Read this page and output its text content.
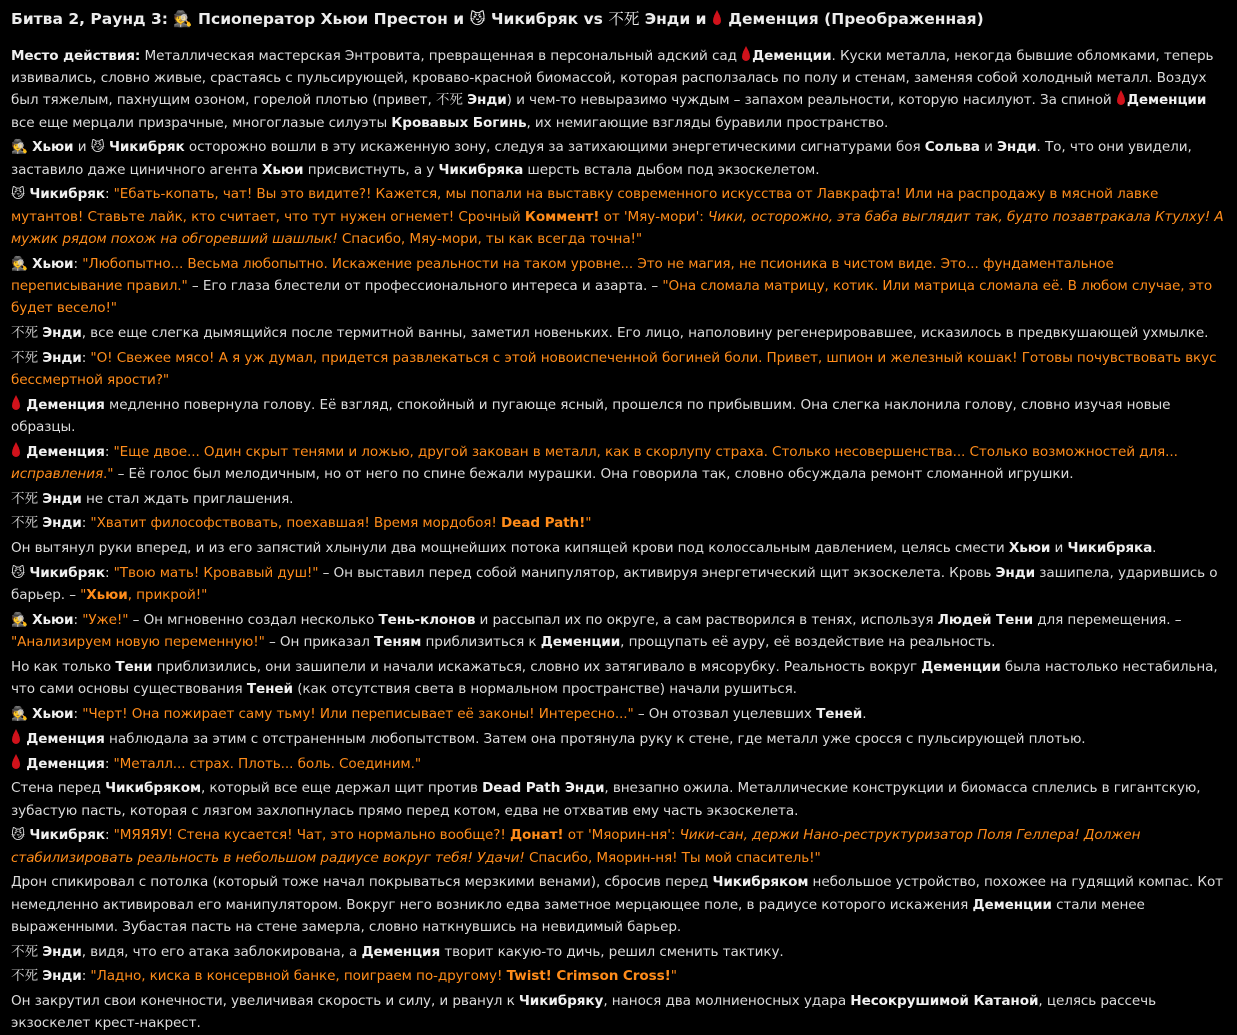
Битва 2, Раунд 3: 🕵 Псиоператор Хьюи Престон и 😼 Чикибряк vs 不死 Энди и  Деменция (Преображенная)
Место действия: Металлическая мастерская Энтровита, превращенная в персональный адский сад Деменции. Куски металла, некогда бывшие обломками, теперь извивались, словно живые, срастаясь с пульсирующей, кроваво-красной биомассой, которая расползалась по полу и стенам, заменяя собой холодный металл. Воздух был тяжелым, пахнущим озоном, горелой плотью (привет, 不死 Энди) и чем-то невыразимо чуждым – запахом реальности, которую насилуют. За спиной Деменции все еще мерцали призрачные, многоглазые силуэты Кровавых Богинь, их немигающие взгляды буравили пространство.
🕵 Хьюи и 😼 Чикибряк осторожно вошли в эту искаженную зону, следуя за затихающими энергетическими сигнатурами боя Сольва и Энди. То, что они увидели, заставило даже циничного агента Хьюи присвистнуть, а у Чикибряка шерсть встала дыбом под экзоскелетом.
😼 Чикибряк: "Ебать-копать, чат! Вы это видите?! Кажется, мы попали на выставку современного искусства от Лавкрафта! Или на распродажу в мясной лавке мутантов! Ставьте лайк, кто считает, что тут нужен огнемет! Срочный Коммент! от 'Мяу-мори': Чики, осторожно, эта баба выглядит так, будто позавтракала Ктулху! А мужик рядом похож на обгоревший шашлык! Спасибо, Мяу-мори, ты как всегда точна!"
🕵 Хьюи: "Любопытно... Весьма любопытно. Искажение реальности на таком уровне... Это не магия, не псионика в чистом виде. Это... фундаментальное переписывание правил." – Его глаза блестели от профессионального интереса и азарта. – "Она сломала матрицу, котик. Или матрица сломала её. В любом случае, это будет весело!"
不死 Энди, все еще слегка дымящийся после термитной ванны, заметил новеньких. Его лицо, наполовину регенерировавшее, исказилось в предвкушающей ухмылке.
不死 Энди: "О! Свежее мясо! А я уж думал, придется развлекаться с этой новоиспеченной богиней боли. Привет, шпион и железный кошак! Готовы почувствовать вкус бессмертной ярости?"
Деменция медленно повернула голову. Её взгляд, спокойный и пугающе ясный, прошелся по прибывшим. Она слегка наклонила голову, словно изучая новые образцы.
Деменция: "Еще двое... Один скрыт тенями и ложью, другой закован в металл, как в скорлупу страха. Столько несовершенства... Столько возможностей для... исправления." – Её голос был мелодичным, но от него по спине бежали мурашки. Она говорила так, словно обсуждала ремонт сломанной игрушки.
不死 Энди не стал ждать приглашения.
不死 Энди: "Хватит философствовать, поехавшая! Время мордобоя! Dead Path!"
Он вытянул руки вперед, и из его запястий хлынули два мощнейших потока кипящей крови под колоссальным давлением, целясь смести Хьюи и Чикибряка.
😼 Чикибряк: "Твою мать! Кровавый душ!" – Он выставил перед собой манипулятор, активируя энергетический щит экзоскелета. Кровь Энди зашипела, ударившись о барьер. – "Хьюи, прикрой!"
🕵 Хьюи: "Уже!" – Он мгновенно создал несколько Тень-клонов и рассыпал их по округе, а сам растворился в тенях, используя Людей Тени для перемещения. – "Анализируем новую переменную!" – Он приказал Теням приблизиться к Деменции, прощупать её ауру, её воздействие на реальность.
Но как только Тени приблизились, они зашипели и начали искажаться, словно их затягивало в мясорубку. Реальность вокруг Деменции была настолько нестабильна, что сами основы существования Теней (как отсутствия света в нормальном пространстве) начали рушиться.
🕵 Хьюи: "Черт! Она пожирает саму тьму! Или переписывает её законы! Интересно..." – Он отозвал уцелевших Теней.
Деменция наблюдала за этим с отстраненным любопытством. Затем она протянула руку к стене, где металл уже сросся с пульсирующей плотью.
Деменция: "Металл... страх. Плоть... боль. Соединим."
Стена перед Чикибряком, который все еще держал щит против Dead Path Энди, внезапно ожила. Металлические конструкции и биомасса сплелись в гигантскую, зубастую пасть, которая с лязгом захлопнулась прямо перед котом, едва не отхватив ему часть экзоскелета.
😼 Чикибряк: "МЯЯЯУ! Стена кусается! Чат, это нормально вообще?! Донат! от 'Мяорин-ня': Чики-сан, держи Нано-реструктуризатор Поля Геллера! Должен стабилизировать реальность в небольшом радиусе вокруг тебя! Удачи! Спасибо, Мяорин-ня! Ты мой спаситель!"
Дрон спикировал с потолка (который тоже начал покрываться мерзкими венами), сбросив перед Чикибряком небольшое устройство, похожее на гудящий компас. Кот немедленно активировал его манипулятором. Вокруг него возникло едва заметное мерцающее поле, в радиусе которого искажения Деменции стали менее выраженными. Зубастая пасть на стене замерла, словно наткнувшись на невидимый барьер.
不死 Энди, видя, что его атака заблокирована, а Деменция творит какую-то дичь, решил сменить тактику.
不死 Энди: "Ладно, киска в консервной банке, поиграем по-другому! Twist! Crimson Cross!"
Он закрутил свои конечности, увеличивая скорость и силу, и рванул к Чикибряку, нанося два молниеносных удара Несокрушимой Катаной, целясь рассечь экзоскелет крест-накрест.
